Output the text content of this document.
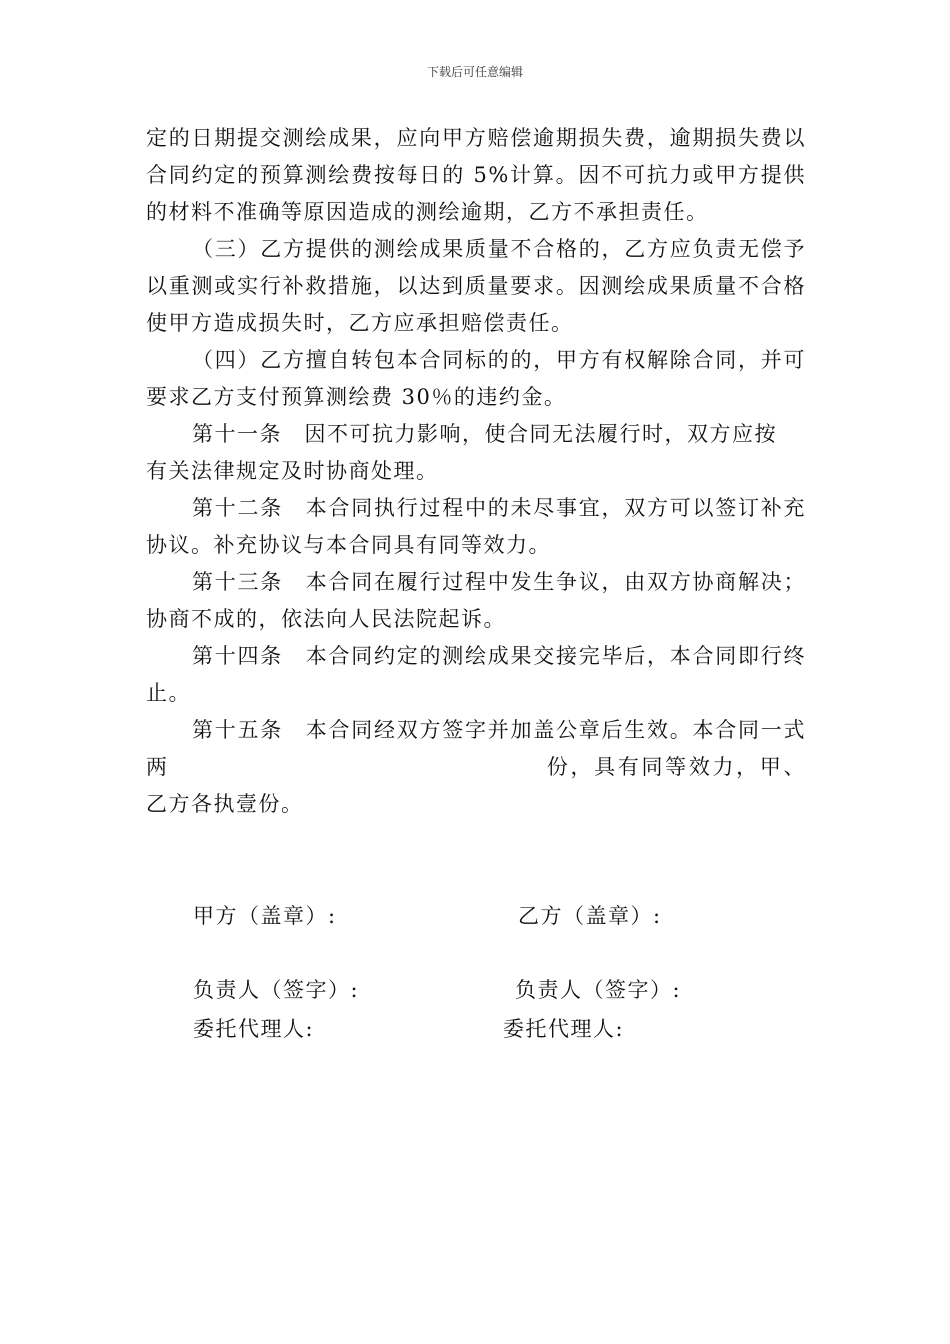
下载后可任意编辑

定的日期提交测绘成果，应向甲方赔偿逾期损失费，逾期损失费以合同约定的预算测绘费按每日的 5%计算。因不可抗力或甲方提供的材料不准确等原因造成的测绘逾期，乙方不承担责任。

（三）乙方提供的测绘成果质量不合格的，乙方应负责无偿予以重测或实行补救措施，以达到质量要求。因测绘成果质量不合格使甲方造成损失时，乙方应承担赔偿责任。

（四）乙方擅自转包本合同标的的，甲方有权解除合同，并可要求乙方支付预算测绘费 30％的违约金。

第十一条　因不可抗力影响，使合同无法履行时，双方应按

有关法律规定及时协商处理。

第十二条　本合同执行过程中的未尽事宜，双方可以签订补充协议。补充协议与本合同具有同等效力。

第十三条　本合同在履行过程中发生争议，由双方协商解决；协商不成的，依法向人民法院起诉。

第十四条　本合同约定的测绘成果交接完毕后，本合同即行终止。

第十五条　本合同经双方签字并加盖公章后生效。本合同一式两	份，具有同等效力，甲、乙方各执壹份。

甲方（盖章）:	乙方（盖章）:
负责人（签字）:	负责人（签字）:
委托代理人:	委托代理人:
